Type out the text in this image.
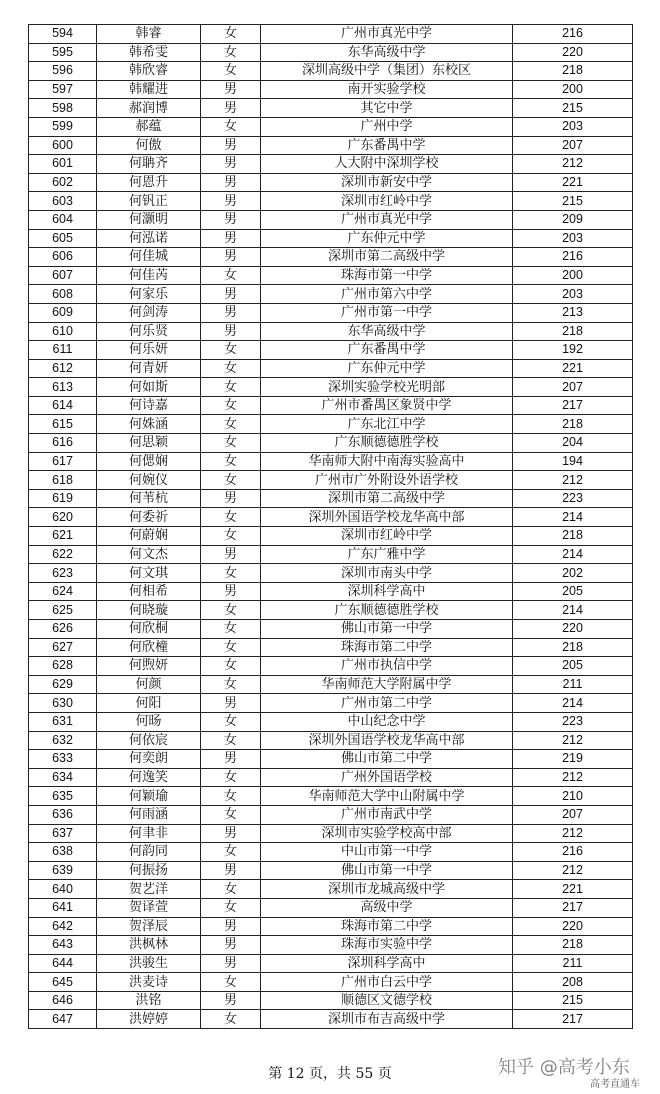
594	韩睿	女	广州市真光中学	216
595	韩希雯	女	东华高级中学	220
596	韩欣睿	女	深圳高级中学（集团）东校区	218
597	韩耀进	男	南开实验学校	200
598	郝润博	男	其它中学	215
599	郝蕴	女	广州中学	203
600	何傲	男	广东番禺中学	207
601	何聃齐	男	人大附中深圳学校	212
602	何恩升	男	深圳市新安中学	221
603	何钒正	男	深圳市红岭中学	215
604	何灏明	男	广州市真光中学	209
605	何泓诺	男	广东仲元中学	203
606	何佳城	男	深圳市第二高级中学	216
607	何佳芮	女	珠海市第一中学	200
608	何家乐	男	广州市第六中学	203
609	何剑涛	男	广州市第一中学	213
610	何乐贤	男	东华高级中学	218
611	何乐妍	女	广东番禺中学	192
612	何青妍	女	广东仲元中学	221
613	何如斯	女	深圳实验学校光明部	207
614	何诗嘉	女	广州市番禺区象贤中学	217
615	何姝涵	女	广东北江中学	218
616	何思颖	女	广东顺德德胜学校	204
617	何偲娴	女	华南师大附中南海实验高中	194
618	何婉仪	女	广州市广外附设外语学校	212
619	何苇杭	男	深圳市第二高级中学	223
620	何委祈	女	深圳外国语学校龙华高中部	214
621	何蔚娴	女	深圳市红岭中学	218
622	何文杰	男	广东广雅中学	214
623	何文琪	女	深圳市南头中学	202
624	何相希	男	深圳科学高中	205
625	何晓璇	女	广东顺德德胜学校	214
626	何欣桐	女	佛山市第一中学	220
627	何欣橦	女	珠海市第二中学	218
628	何煦妍	女	广州市执信中学	205
629	何颜	女	华南师范大学附属中学	211
630	何阳	男	广州市第二中学	214
631	何旸	女	中山纪念中学	223
632	何依宸	女	深圳外国语学校龙华高中部	212
633	何奕朗	男	佛山市第二中学	219
634	何逸笑	女	广州外国语学校	212
635	何颖瑜	女	华南师范大学中山附属中学	210
636	何雨涵	女	广州市南武中学	207
637	何聿非	男	深圳市实验学校高中部	212
638	何韵同	女	中山市第一中学	216
639	何振扬	男	佛山市第一中学	212
640	贺艺洋	女	深圳市龙城高级中学	221
641	贺译萱	女	高级中学	217
642	贺泽辰	男	珠海市第二中学	220
643	洪枫林	男	珠海市实验中学	218
644	洪骏生	男	深圳科学高中	211
645	洪麦诗	女	广州市白云中学	208
646	洪铭	男	顺德区文德学校	215
647	洪婷婷	女	深圳市布吉高级中学	217
第 12 页，共 55 页	知乎 @高考小东
高考直通车
